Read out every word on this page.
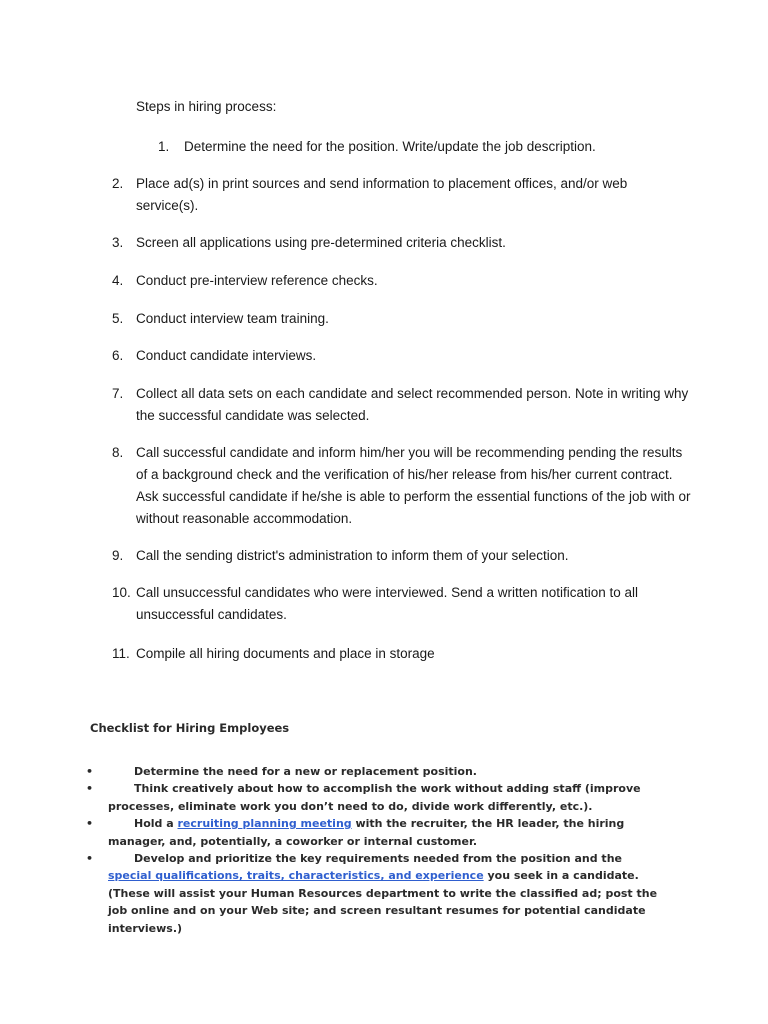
Steps in hiring process:

1. Determine the need for the position. Write/update the job description.
2. Place ad(s) in print sources and send information to placement offices, and/or web service(s).
3. Screen all applications using pre-determined criteria checklist.
4. Conduct pre-interview reference checks.
5. Conduct interview team training.
6. Conduct candidate interviews.
7. Collect all data sets on each candidate and select recommended person. Note in writing why the successful candidate was selected.
8. Call successful candidate and inform him/her you will be recommending pending the results of a background check and the verification of his/her release from his/her current contract. Ask successful candidate if he/she is able to perform the essential functions of the job with or without reasonable accommodation.
9. Call the sending district's administration to inform them of your selection.
10. Call unsuccessful candidates who were interviewed. Send a written notification to all unsuccessful candidates.
11. Compile all hiring documents and place in storage

Checklist for Hiring Employees

•	Determine the need for a new or replacement position.
•	Think creatively about how to accomplish the work without adding staff (improve processes, eliminate work you don’t need to do, divide work differently, etc.).
•	Hold a recruiting planning meeting with the recruiter, the HR leader, the hiring manager, and, potentially, a coworker or internal customer.
•	Develop and prioritize the key requirements needed from the position and the special qualifications, traits, characteristics, and experience you seek in a candidate. (These will assist your Human Resources department to write the classified ad; post the job online and on your Web site; and screen resultant resumes for potential candidate interviews.)
